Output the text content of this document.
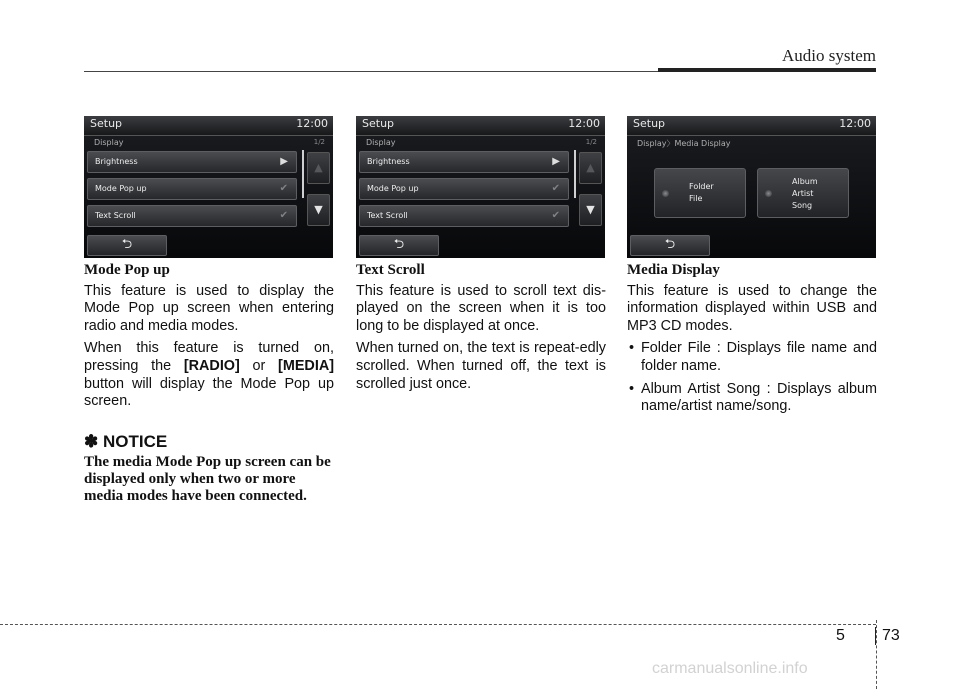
Audio system
Setup	12:00
Display	1/2
Brightness	▶
Mode Pop up	✔
Text Scroll	✔
▲
▼
⮌
Setup	12:00
Display	1/2
Brightness	▶
Mode Pop up	✔
Text Scroll	✔
▲
▼
⮌
Setup	12:00
Display〉Media Display
Folder
File
Album
Artist
Song
⮌

Mode Pop up

This feature is used to display the Mode Pop up screen when entering radio and media modes.

When this feature is turned on, pressing the [RADIO] or [MEDIA] button will display the Mode Pop up screen.

✽ NOTICE
The media Mode Pop up screen can be displayed only when two or more media modes have been connected.

Text Scroll

This feature is used to scroll text dis-played on the screen when it is too long to be displayed at once.

When turned on, the text is repeat-edly scrolled. When turned off, the text is scrolled just once.

Media Display

This feature is used to change the information displayed within USB and MP3 CD modes.

• Folder File : Displays file name and folder name.

• Album Artist Song : Displays album name/artist name/song.

5 73
carmanualsonline.info
